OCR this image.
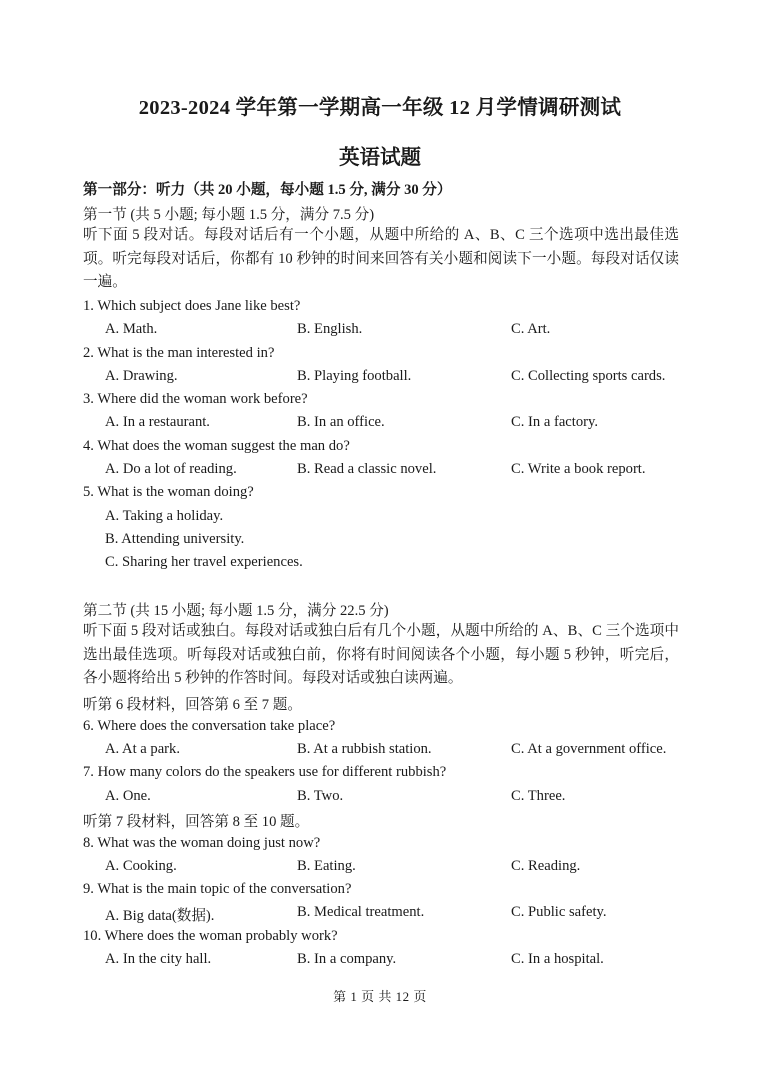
2023-2024 学年第一学期高一年级 12 月学情调研测试
英语试题
第一部分：听力（共 20 小题，每小题 1.5 分, 满分 30 分）
第一节 (共 5 小题; 每小题 1.5 分，满分 7.5 分)
听下面 5 段对话。每段对话后有一个小题，从题中所给的 A、B、C 三个选项中选出最佳选项。听完每段对话后，你都有 10 秒钟的时间来回答有关小题和阅读下一小题。每段对话仅读一遍。
1. Which subject does Jane like best?
A. Math.	B. English.	C. Art.
2. What is the man interested in?
A. Drawing.	B. Playing football.	C. Collecting sports cards.
3. Where did the woman work before?
A. In a restaurant.	B. In an office.	C. In a factory.
4. What does the woman suggest the man do?
A. Do a lot of reading.	B. Read a classic novel.	C. Write a book report.
5. What is the woman doing?
A. Taking a holiday.
B. Attending university.
C. Sharing her travel experiences.
第二节 (共 15 小题; 每小题 1.5 分，满分 22.5 分)
听下面 5 段对话或独白。每段对话或独白后有几个小题，从题中所给的 A、B、C 三个选项中选出最佳选项。听每段对话或独白前，你将有时间阅读各个小题，每小题 5 秒钟，听完后，各小题将给出 5 秒钟的作答时间。每段对话或独白读两遍。
听第 6 段材料，回答第 6 至 7 题。
6. Where does the conversation take place?
A. At a park.	B. At a rubbish station.	C. At a government office.
7. How many colors do the speakers use for different rubbish?
A. One.	B. Two.	C. Three.
听第 7 段材料，回答第 8 至 10 题。
8. What was the woman doing just now?
A. Cooking.	B. Eating.	C. Reading.
9. What is the main topic of the conversation?
A. Big data(数据).	B. Medical treatment.	C. Public safety.
10. Where does the woman probably work?
A. In the city hall.	B. In a company.	C. In a hospital.
第 1 页 共 12 页
